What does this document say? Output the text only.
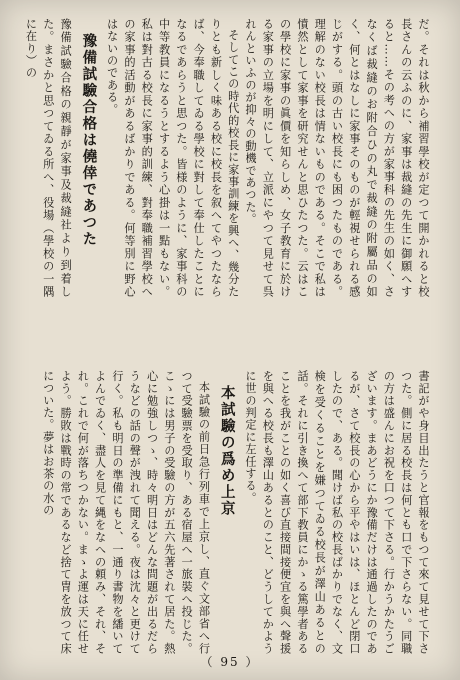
だ。それは秋から補習學校が定つて開かれると校長さんの云ふのに、家事は裁縫の先生に御願へすると……その考への方が家事科の先生の如く、さなくば裁縫のお附合ひの丸で裁縫の附屬品の如く、何とはなしに家事そのものが輕視せられる感じがする。頭の古い校長にも困つたものである。理解のない校長は情ないものである。そこで私は憤然として家事を研究せんと思ひたつた。云はこの學校に家事の眞價を知らしめ、女子教育に於ける家事の立場を明にして、立派にやつて見せて呉れんといふのが抑々の動機であつた。

そしてこの時代的校長に家事訓練を興へ、幾分たりとも新しく味ある校に校長を叙へてやつたならば、今奉職してゐる學校に對して奉仕したことになるであらうと思つた。皆様のように、家事科の中等教員になるうとするよう心掛は一點もない。私は對古る校長に家事的訓練、對奉職補習學校への家事的活動があるばかりである。何等別に野心はないのである。

豫備試驗合格は僥倖であつた

豫備試驗合格の親靜が家事及裁縫社より到着した。まさかと思つてゐる所へ、役場（學校の一隅に在り）の

書記がや身目出たうと官報をもつて來て見せて下さつた。側に居る校長は何とも口で下さらない。同職の方は盛んにお祝を口つて下さる。行かうかたうございます。まあどうにか豫備だけは通過したのであるが、さて校長の心から平やはいは、ほとんど閉口したので、ある。聞けば私の校長ばかりでなく、文検を受くることを嫌つてゐる校長が澤山あるとの話。それに引き換へて部下教員にかゝる篤學者あることを我がことの如く喜び直接間接便宜を與へ聲援を與へる校長も澤山あるとのこと、どうしてかように世の判定に左任する。

本試驗の爲め上京

本試驗の前日急行列車で上京し、直ぐ文部省へ行つて受驗票を受取り、ある宿屋へ一旅裝へ投じた。こゝには男子の受驗の方が五六先著されて居た。熱心に勉強しつゝ、時々明日はどんな問題が出るだらうなどの話の聲が洩れて聞える。夜は沈々と更けて行く。私も明日の準備にもと、一通り書物を繙いてよんでゐく、盡人を見て縄をなへの頼み、それ、それ。これで何が落ちつかない。まゝよ運は天に任せよう。勝敗は戰時の常であるなど捨て冑を放つて床についた。夢はお茶の水の

（ 95 ）
